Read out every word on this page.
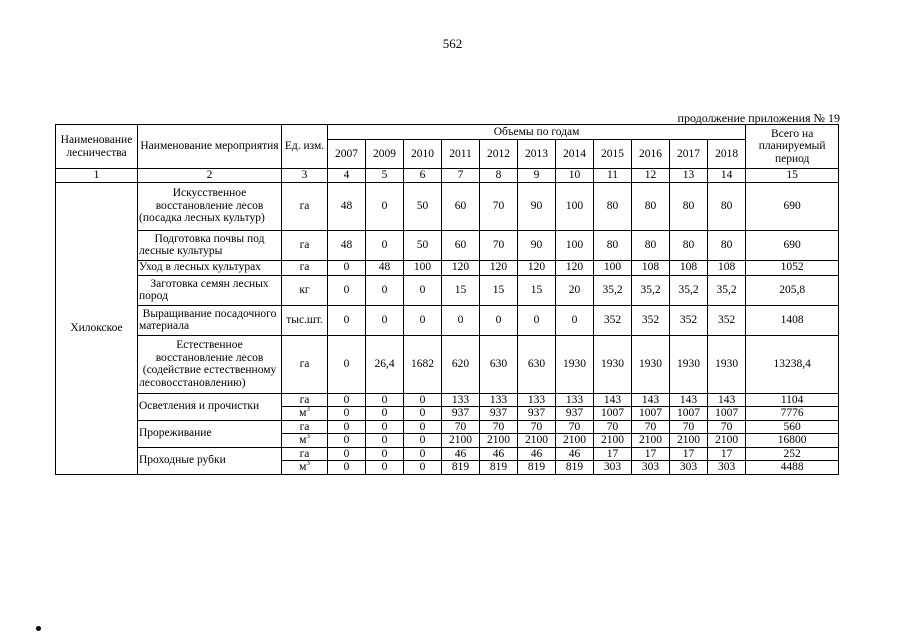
562
продолжение приложения № 19
Наименование лесничества	Наименование мероприятия	Ед. изм.	Объемы по годам											Всего на планируемый период
			2007	2009	2010	2011	2012	2013	2014	2015	2016	2017	2018	
1	2	3	4	5	6	7	8	9	10	11	12	13	14	15
Хилокское	Искусственное восстановление лесов (посадка лесных культур)	га	48	0	50	60	70	90	100	80	80	80	80	690
	Подготовка почвы под лесные культуры	га	48	0	50	60	70	90	100	80	80	80	80	690
	Уход в лесных культурах	га	0	48	100	120	120	120	120	100	108	108	108	1052
	Заготовка семян лесных пород	кг	0	0	0	15	15	15	20	35,2	35,2	35,2	35,2	205,8
	Выращивание посадочного материала	тыс.шт.	0	0	0	0	0	0	0	352	352	352	352	1408
	Естественное восстановление лесов (содействие естественному лесовосстановлению)	га	0	26,4	1682	620	630	630	1930	1930	1930	1930	1930	13238,4
	Осветления и прочистки	га	0	0	0	133	133	133	133	143	143	143	143	1104
		$м^3$	0	0	0	937	937	937	937	1007	1007	1007	1007	7776
	Прореживание	га	0	0	0	70	70	70	70	70	70	70	70	560
		$м^3$	0	0	0	2100	2100	2100	2100	2100	2100	2100	2100	16800
	Проходные рубки	га	0	0	0	46	46	46	46	17	17	17	17	252
		$м^3$	0	0	0	819	819	819	819	303	303	303	303	4488
